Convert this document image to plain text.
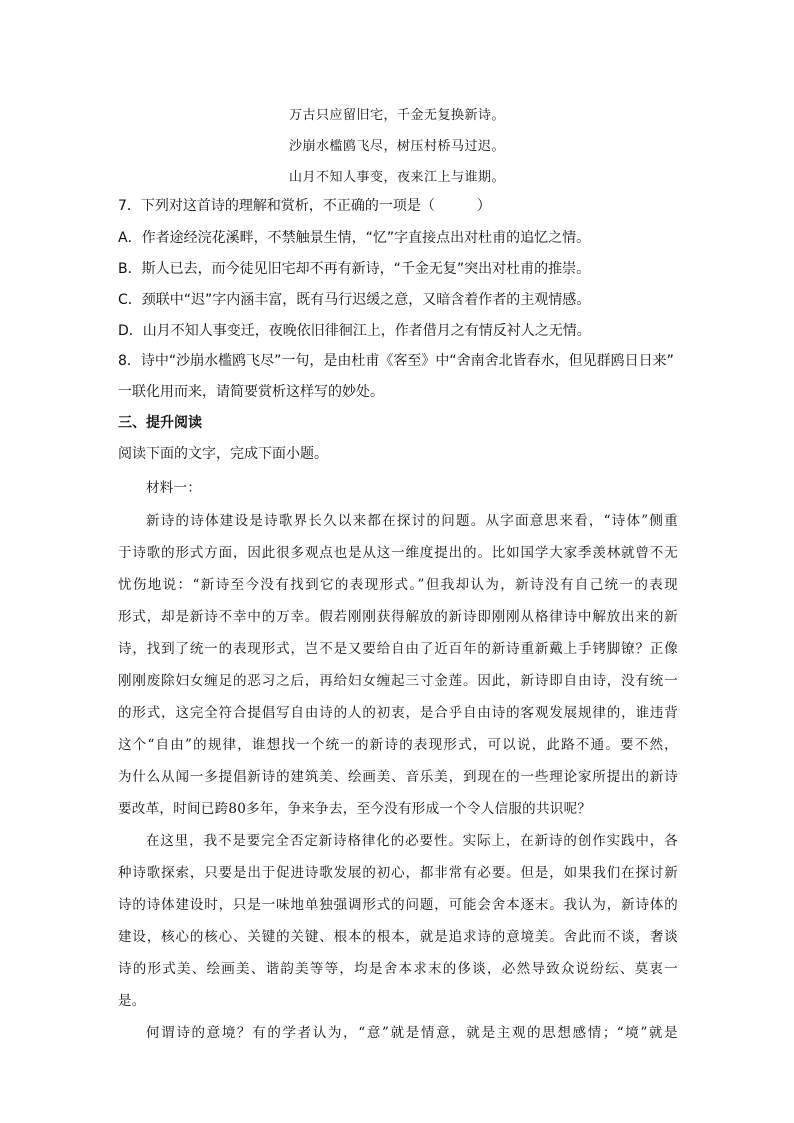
万古只应留旧宅，千金无复换新诗。
沙崩水槛鸥飞尽，树压村桥马过迟。
山月不知人事变，夜来江上与谁期。
7．下列对这首诗的理解和赏析，不正确的一项是（　　　）
A．作者途经浣花溪畔，不禁触景生情，“忆”字直接点出对杜甫的追忆之情。
B．斯人已去，而今徒见旧宅却不再有新诗，“千金无复”突出对杜甫的推崇。
C．颈联中“迟”字内涵丰富，既有马行迟缓之意，又暗含着作者的主观情感。
D．山月不知人事变迁，夜晚依旧徘徊江上，作者借月之有情反衬人之无情。
8．诗中“沙崩水槛鸥飞尽”一句，是由杜甫《客至》中“舍南舍北皆春水，但见群鸥日日来”
一联化用而来，请简要赏析这样写的妙处。
三、提升阅读
阅读下面的文字，完成下面小题。
材料一：
新诗的诗体建设是诗歌界长久以来都在探讨的问题。从字面意思来看，“诗体”侧重
于诗歌的形式方面，因此很多观点也是从这一维度提出的。比如国学大家季羡林就曾不无
忧伤地说：“新诗至今没有找到它的表现形式。”但我却认为，新诗没有自己统一的表现
形式，却是新诗不幸中的万幸。假若刚刚获得解放的新诗即刚刚从格律诗中解放出来的新
诗，找到了统一的表现形式，岂不是又要给自由了近百年的新诗重新戴上手铐脚镣？正像
刚刚废除妇女缠足的恶习之后，再给妇女缠起三寸金莲。因此，新诗即自由诗，没有统一
的形式，这完全符合提倡写自由诗的人的初衷，是合乎自由诗的客观发展规律的，谁违背
这个“自由”的规律，谁想找一个统一的新诗的表现形式，可以说，此路不通。要不然，
为什么从闻一多提倡新诗的建筑美、绘画美、音乐美，到现在的一些理论家所提出的新诗
要改革，时间已跨80多年，争来争去，至今没有形成一个令人信服的共识呢？
在这里，我不是要完全否定新诗格律化的必要性。实际上，在新诗的创作实践中，各
种诗歌探索，只要是出于促进诗歌发展的初心，都非常有必要。但是，如果我们在探讨新
诗的诗体建设时，只是一味地单独强调形式的问题，可能会舍本逐末。我认为，新诗体的
建设，核心的核心、关键的关键、根本的根本，就是追求诗的意境美。舍此而不谈，奢谈
诗的形式美、绘画美、谐韵美等等，均是舍本求末的侈谈，必然导致众说纷纭、莫衷一
是。
何谓诗的意境？有的学者认为，“意”就是情意，就是主观的思想感情；“境”就是
